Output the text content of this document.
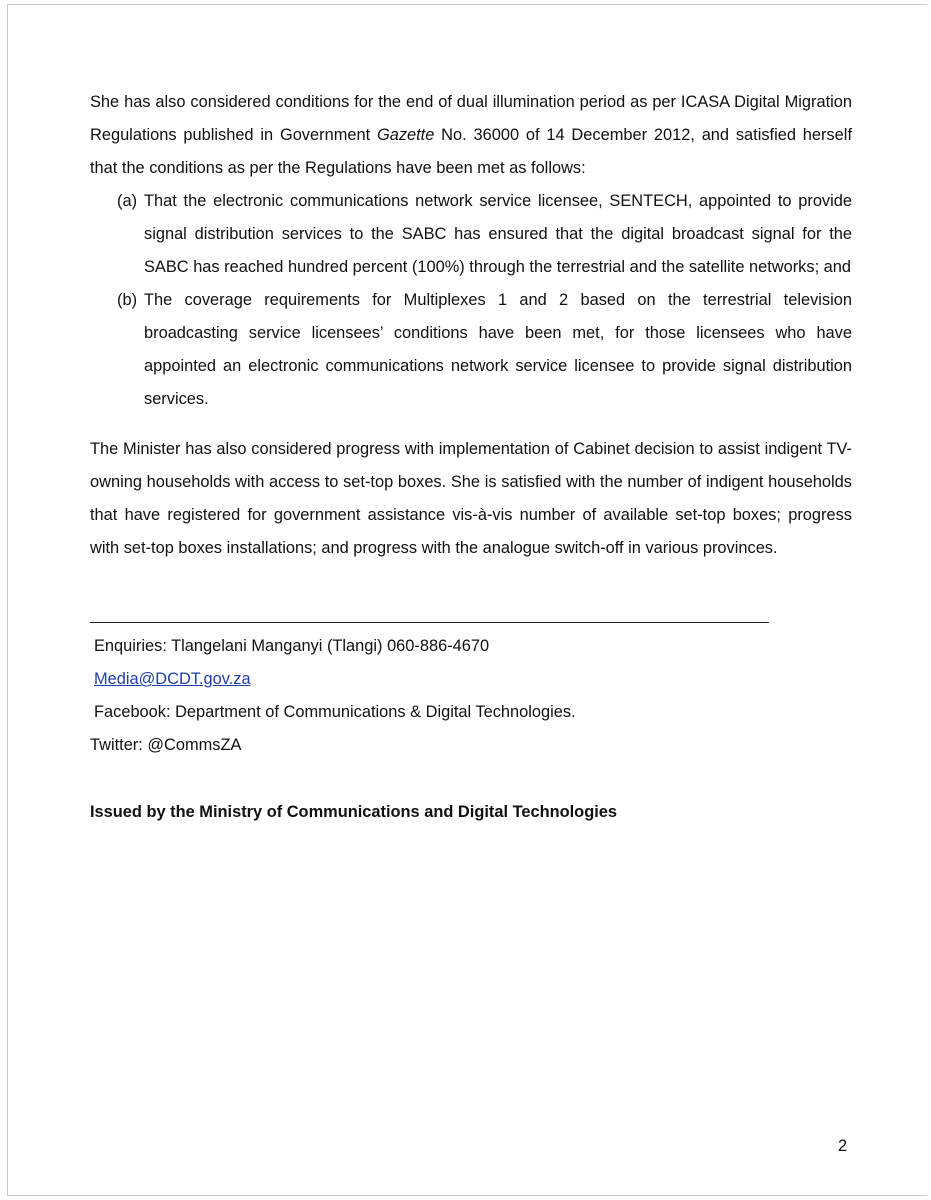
She has also considered conditions for the end of dual illumination period as per ICASA Digital Migration Regulations published in Government Gazette No. 36000 of 14 December 2012, and satisfied herself that the conditions as per the Regulations have been met as follows:

(a) That the electronic communications network service licensee, SENTECH, appointed to provide signal distribution services to the SABC has ensured that the digital broadcast signal for the SABC has reached hundred percent (100%) through the terrestrial and the satellite networks; and
(b) The coverage requirements for Multiplexes 1 and 2 based on the terrestrial television broadcasting service licensees’ conditions have been met, for those licensees who have appointed an electronic communications network service licensee to provide signal distribution services.

The Minister has also considered progress with implementation of Cabinet decision to assist indigent TV-owning households with access to set-top boxes. She is satisfied with the number of indigent households that have registered for government assistance vis-à-vis number of available set-top boxes; progress with set-top boxes installations; and progress with the analogue switch-off in various provinces.

Enquiries: Tlangelani Manganyi (Tlangi) 060-886-4670
Media@DCDT.gov.za
Facebook: Department of Communications & Digital Technologies.
Twitter: @CommsZA
Issued by the Ministry of Communications and Digital Technologies
2
